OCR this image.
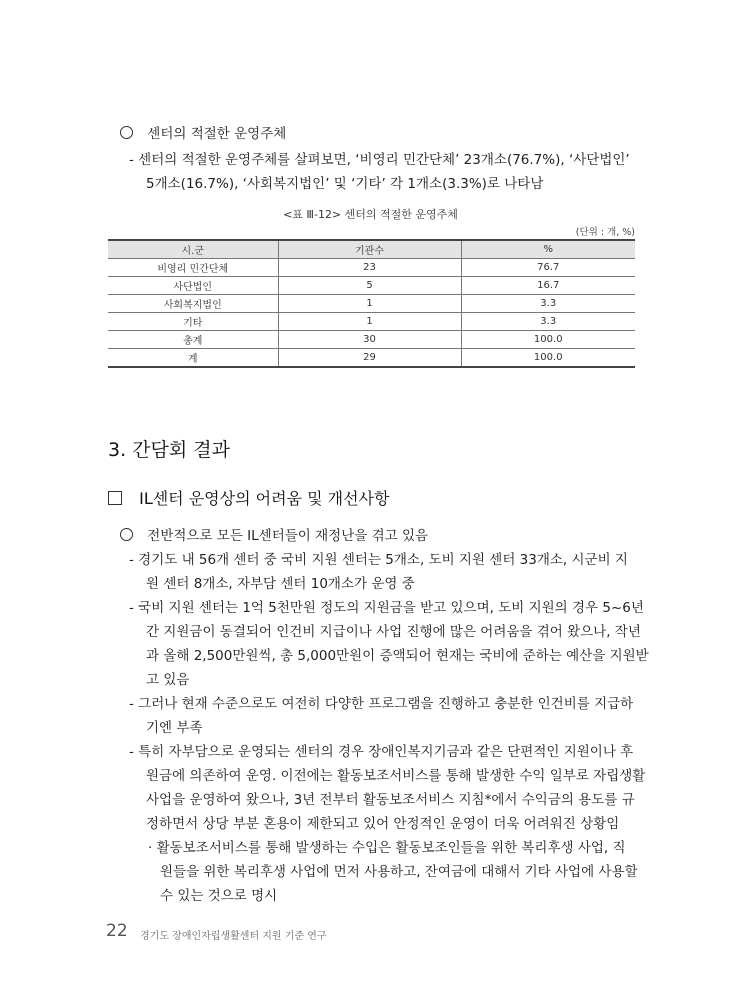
센터의 적절한 운영주체
- 센터의 적절한 운영주체를 살펴보면, ‘비영리 민간단체’ 23개소(76.7%), ‘사단법인’
5개소(16.7%), ‘사회복지법인’ 및 ‘기타’ 각 1개소(3.3%)로 나타남
<표 Ⅲ-12> 센터의 적절한 운영주체
(단위 : 개, %)
시.군	기관수	%
비영리 민간단체	23	76.7
사단법인	5	16.7
사회복지법인	1	3.3
기타	1	3.3
총계	30	100.0
계	29	100.0
3. 간담회 결과
IL센터 운영상의 어려움 및 개선사항
전반적으로 모든 IL센터들이 재정난을 겪고 있음
- 경기도 내 56개 센터 중 국비 지원 센터는 5개소, 도비 지원 센터 33개소, 시군비 지
원 센터 8개소, 자부담 센터 10개소가 운영 중
- 국비 지원 센터는 1억 5천만원 정도의 지원금을 받고 있으며, 도비 지원의 경우 5~6년
간 지원금이 동결되어 인건비 지급이나 사업 진행에 많은 어려움을 겪어 왔으나, 작년
과 올해 2,500만원씩, 총 5,000만원이 증액되어 현재는 국비에 준하는 예산을 지원받
고 있음
- 그러나 현재 수준으로도 여전히 다양한 프로그램을 진행하고 충분한 인건비를 지급하
기엔 부족
- 특히 자부담으로 운영되는 센터의 경우 장애인복지기금과 같은 단편적인 지원이나 후
원금에 의존하여 운영. 이전에는 활동보조서비스를 통해 발생한 수익 일부로 자립생활
사업을 운영하여 왔으나, 3년 전부터 활동보조서비스 지침*에서 수익금의 용도를 규
정하면서 상당 부분 혼용이 제한되고 있어 안정적인 운영이 더욱 어려워진 상황임
· 활동보조서비스를 통해 발생하는 수입은 활동보조인들을 위한 복리후생 사업, 직
원들을 위한 복리후생 사업에 먼저 사용하고, 잔여금에 대해서 기타 사업에 사용할
수 있는 것으로 명시
22 경기도 장애인자립생활센터 지원 기준 연구
